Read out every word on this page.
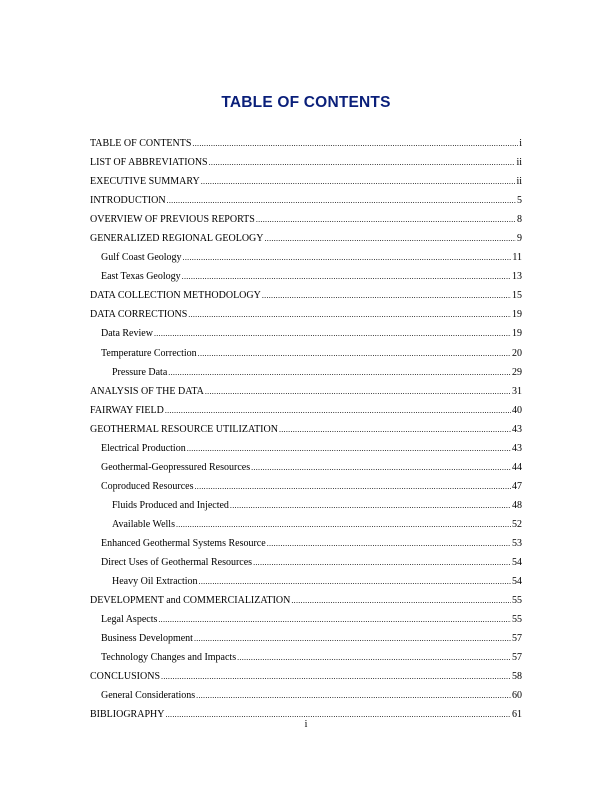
TABLE OF CONTENTS
TABLE OF CONTENTS .....	i
LIST OF ABBREVIATIONS .....	ii
EXECUTIVE SUMMARY .....	ii
INTRODUCTION .....	5
OVERVIEW OF PREVIOUS REPORTS .....	8
GENERALIZED REGIONAL GEOLOGY .....	9
Gulf Coast Geology .....	11
East Texas Geology .....	13
DATA COLLECTION METHODOLOGY .....	15
DATA CORRECTIONS .....	19
Data Review .....	19
Temperature Correction .....	20
Pressure Data .....	29
ANALYSIS OF THE DATA .....	31
FAIRWAY FIELD .....	40
GEOTHERMAL RESOURCE UTILIZATION .....	43
Electrical Production .....	43
Geothermal-Geopressured Resources .....	44
Coproduced Resources .....	47
Fluids Produced and Injected .....	48
Available Wells .....	52
Enhanced Geothermal Systems Resource .....	53
Direct Uses of Geothermal Resources .....	54
Heavy Oil Extraction .....	54
DEVELOPMENT and COMMERCIALIZATION .....	55
Legal Aspects .....	55
Business Development .....	57
Technology Changes and Impacts .....	57
CONCLUSIONS .....	58
General Considerations .....	60
BIBLIOGRAPHY .....	61
i
